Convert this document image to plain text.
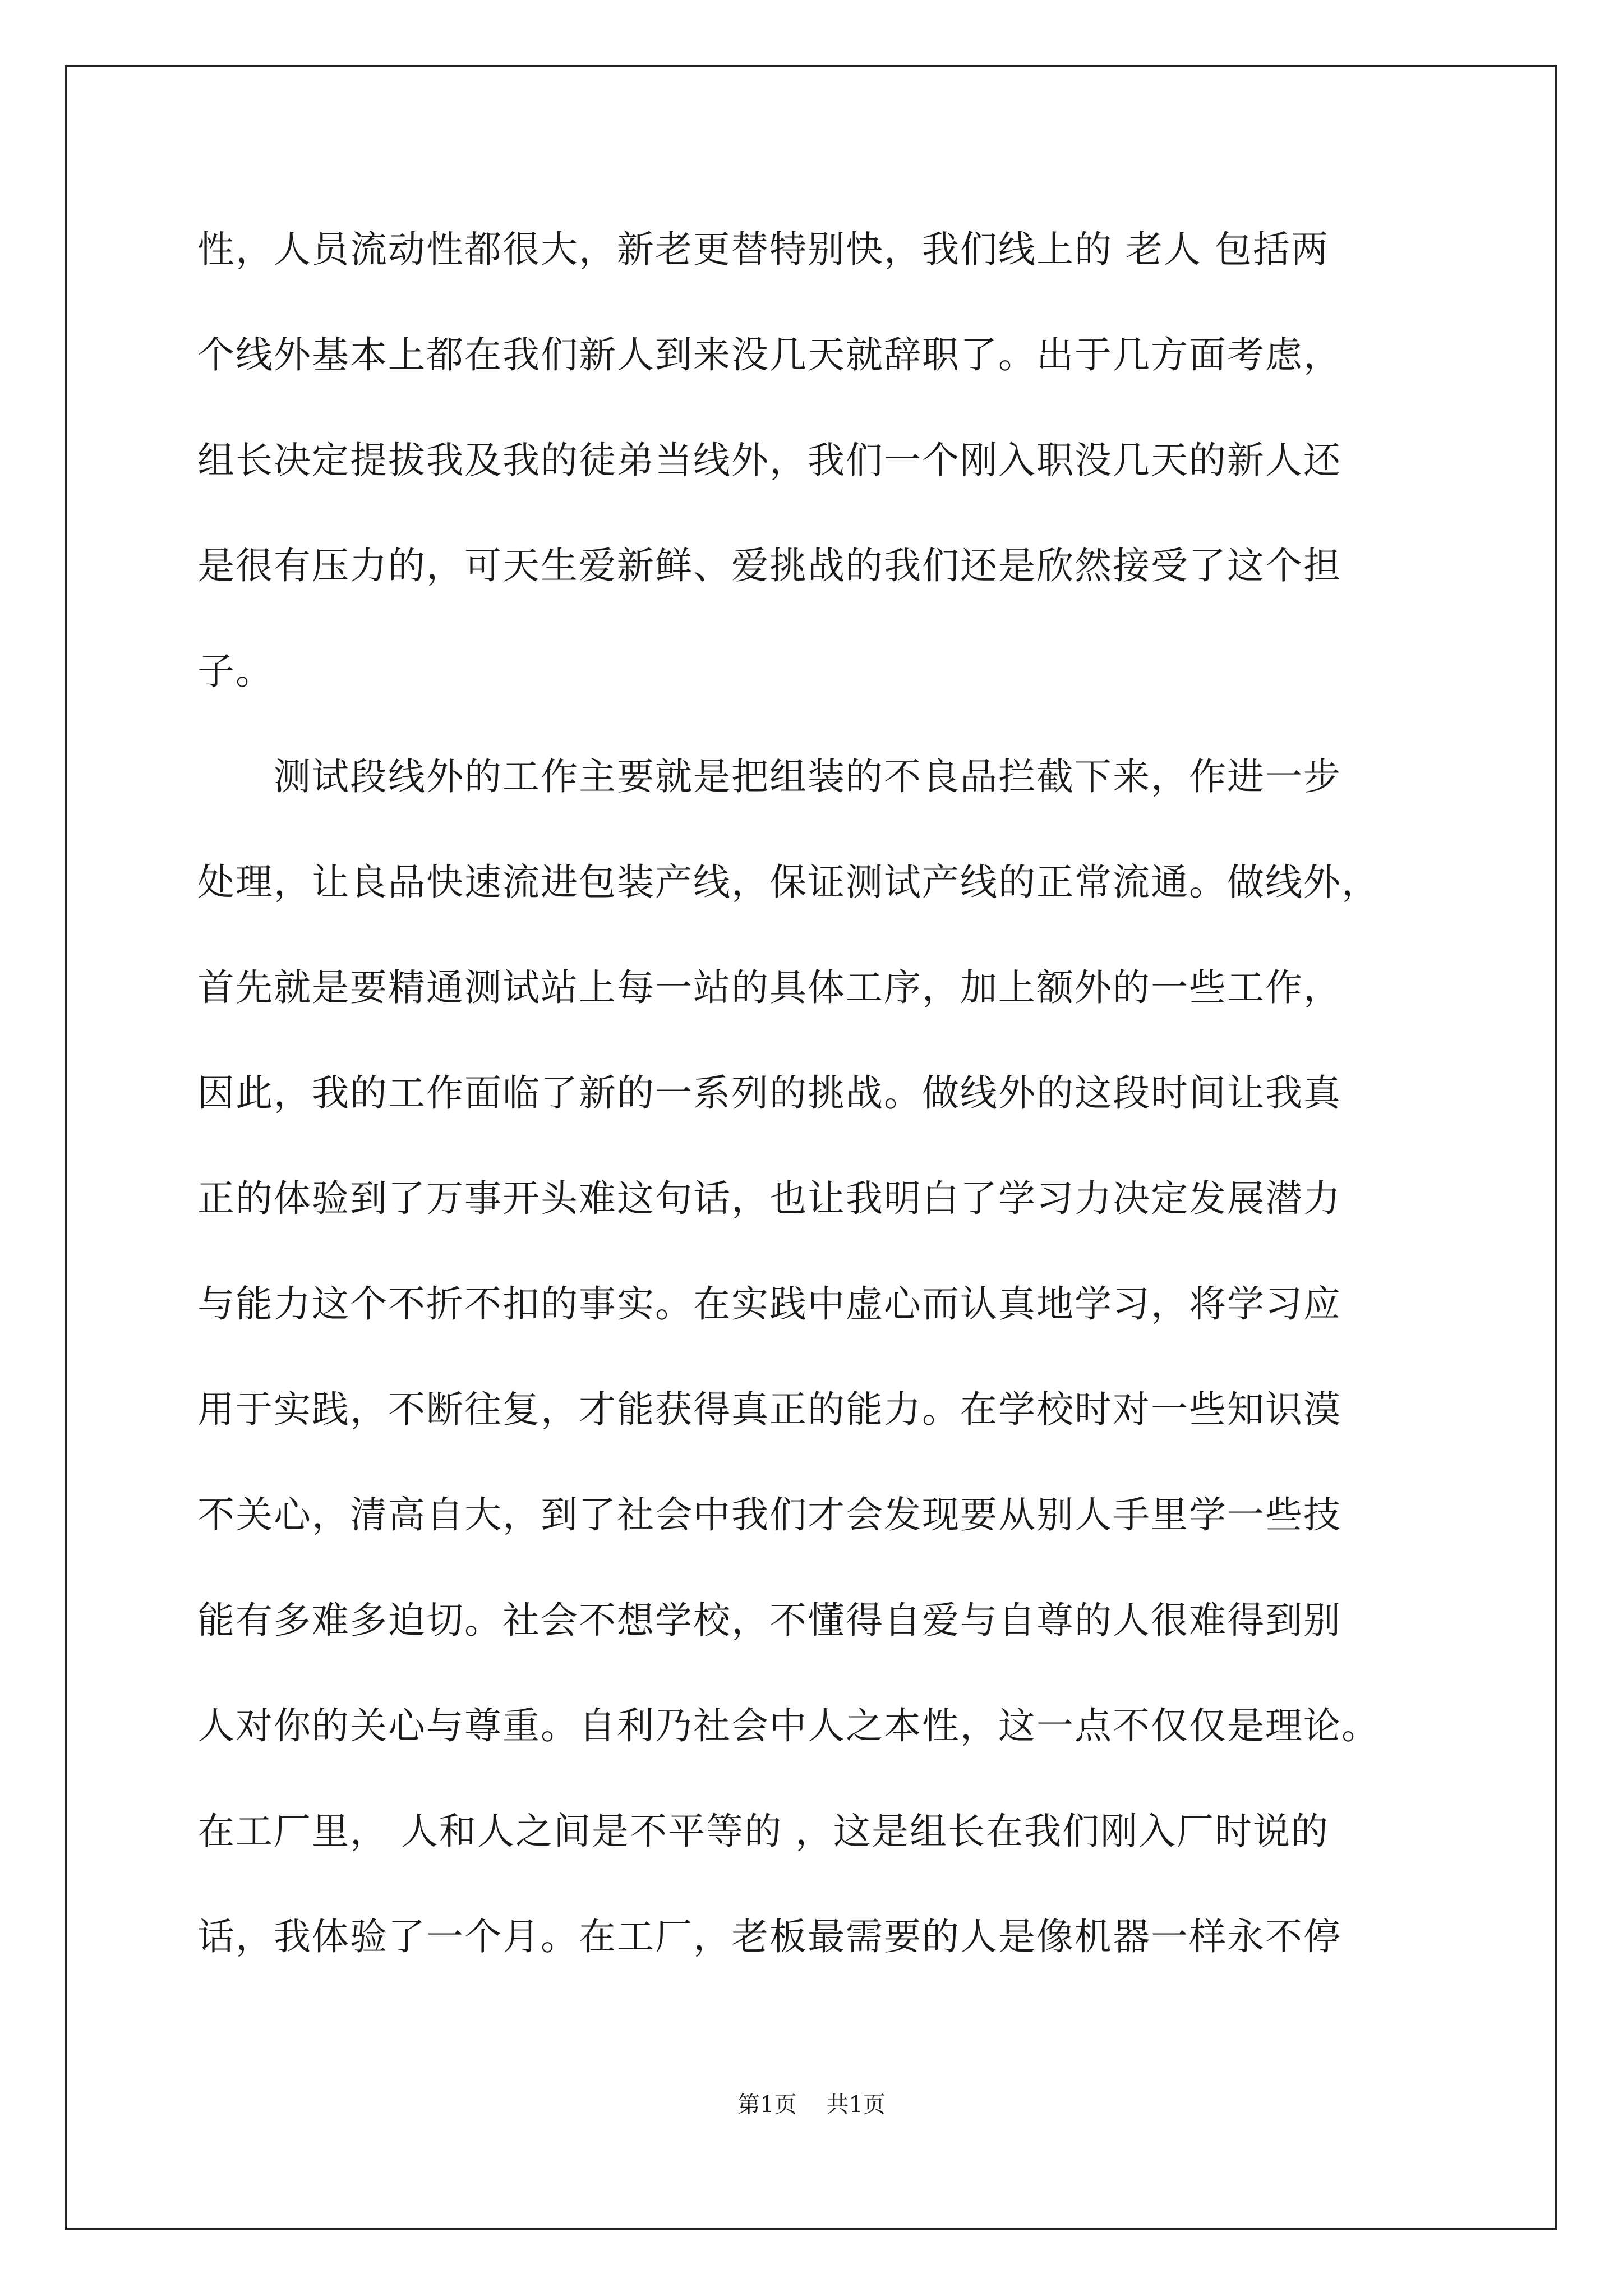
性，人员流动性都很大，新老更替特别快，我们线上的 老人 包括两
个线外基本上都在我们新人到来没几天就辞职了。出于几方面考虑，
组长决定提拔我及我的徒弟当线外，我们一个刚入职没几天的新人还
是很有压力的，可天生爱新鲜、爱挑战的我们还是欣然接受了这个担
子。
　　测试段线外的工作主要就是把组装的不良品拦截下来，作进一步
处理，让良品快速流进包装产线，保证测试产线的正常流通。做线外，
首先就是要精通测试站上每一站的具体工序，加上额外的一些工作，
因此，我的工作面临了新的一系列的挑战。做线外的这段时间让我真
正的体验到了万事开头难这句话，也让我明白了学习力决定发展潜力
与能力这个不折不扣的事实。在实践中虚心而认真地学习，将学习应
用于实践，不断往复，才能获得真正的能力。在学校时对一些知识漠
不关心，清高自大，到了社会中我们才会发现要从别人手里学一些技
能有多难多迫切。社会不想学校，不懂得自爱与自尊的人很难得到别
人对你的关心与尊重。自利乃社会中人之本性，这一点不仅仅是理论。
在工厂里， 人和人之间是不平等的 ，这是组长在我们刚入厂时说的
话，我体验了一个月。在工厂，老板最需要的人是像机器一样永不停
第1页 共1页
